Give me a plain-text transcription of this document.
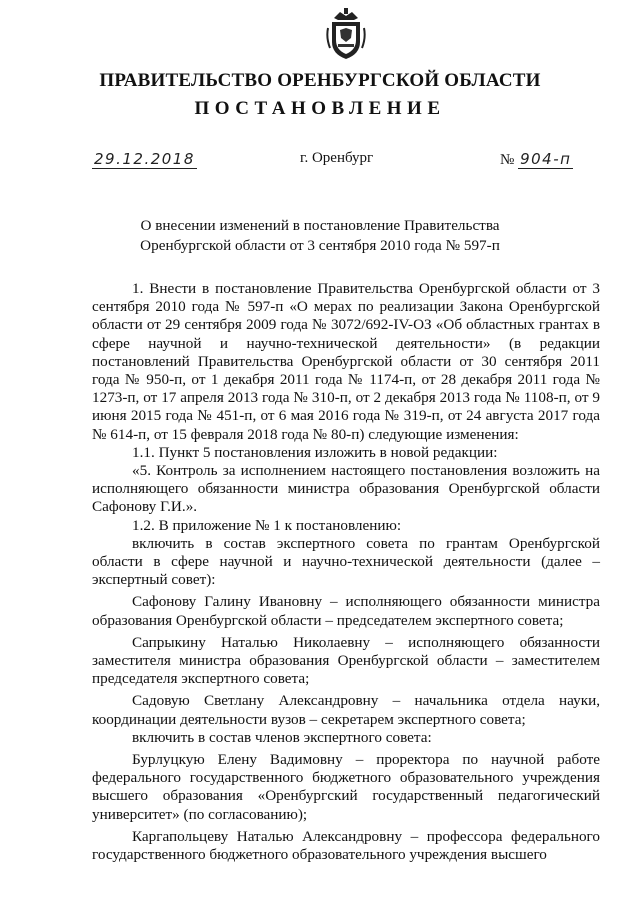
ПРАВИТЕЛЬСТВО ОРЕНБУРГСКОЙ ОБЛАСТИ
ПОСТАНОВЛЕНИЕ
29.12.2018	г. Оренбург	№ 904-п
О внесении изменений в постановление Правительства
Оренбургской области от 3 сентября 2010 года № 597-п

1. Внести в постановление Правительства Оренбургской области от 3 сентября 2010 года № 597-п «О мерах по реализации Закона Оренбургской области от 29 сентября 2009 года № 3072/692-IV-ОЗ «Об областных грантах в сфере научной и научно-технической деятельности» (в редакции постановлений Правительства Оренбургской области от 30 сентября 2011 года № 950-п, от 1 декабря 2011 года № 1174-п, от 28 декабря 2011 года № 1273-п, от 17 апреля 2013 года № 310-п, от 2 декабря 2013 года № 1108-п, от 9 июня 2015 года № 451-п, от 6 мая 2016 года № 319-п, от 24 августа 2017 года № 614-п, от 15 февраля 2018 года № 80-п) следующие изменения:

1.1. Пункт 5 постановления изложить в новой редакции:

«5. Контроль за исполнением настоящего постановления возложить на исполняющего обязанности министра образования Оренбургской области Сафонову Г.И.».

1.2. В приложение № 1 к постановлению:

включить в состав экспертного совета по грантам Оренбургской области в сфере научной и научно-технической деятельности (далее – экспертный совет):

Сафонову Галину Ивановну – исполняющего обязанности министра образования Оренбургской области – председателем экспертного совета;

Сапрыкину Наталью Николаевну – исполняющего обязанности заместителя министра образования Оренбургской области – заместителем председателя экспертного совета;

Садовую Светлану Александровну – начальника отдела науки, координации деятельности вузов – секретарем экспертного совета;

включить в состав членов экспертного совета:

Бурлуцкую Елену Вадимовну – проректора по научной работе федерального государственного бюджетного образовательного учреждения высшего образования «Оренбургский государственный педагогический университет» (по согласованию);

Каргапольцеву Наталью Александровну – профессора федерального государственного бюджетного образовательного учреждения высшего
